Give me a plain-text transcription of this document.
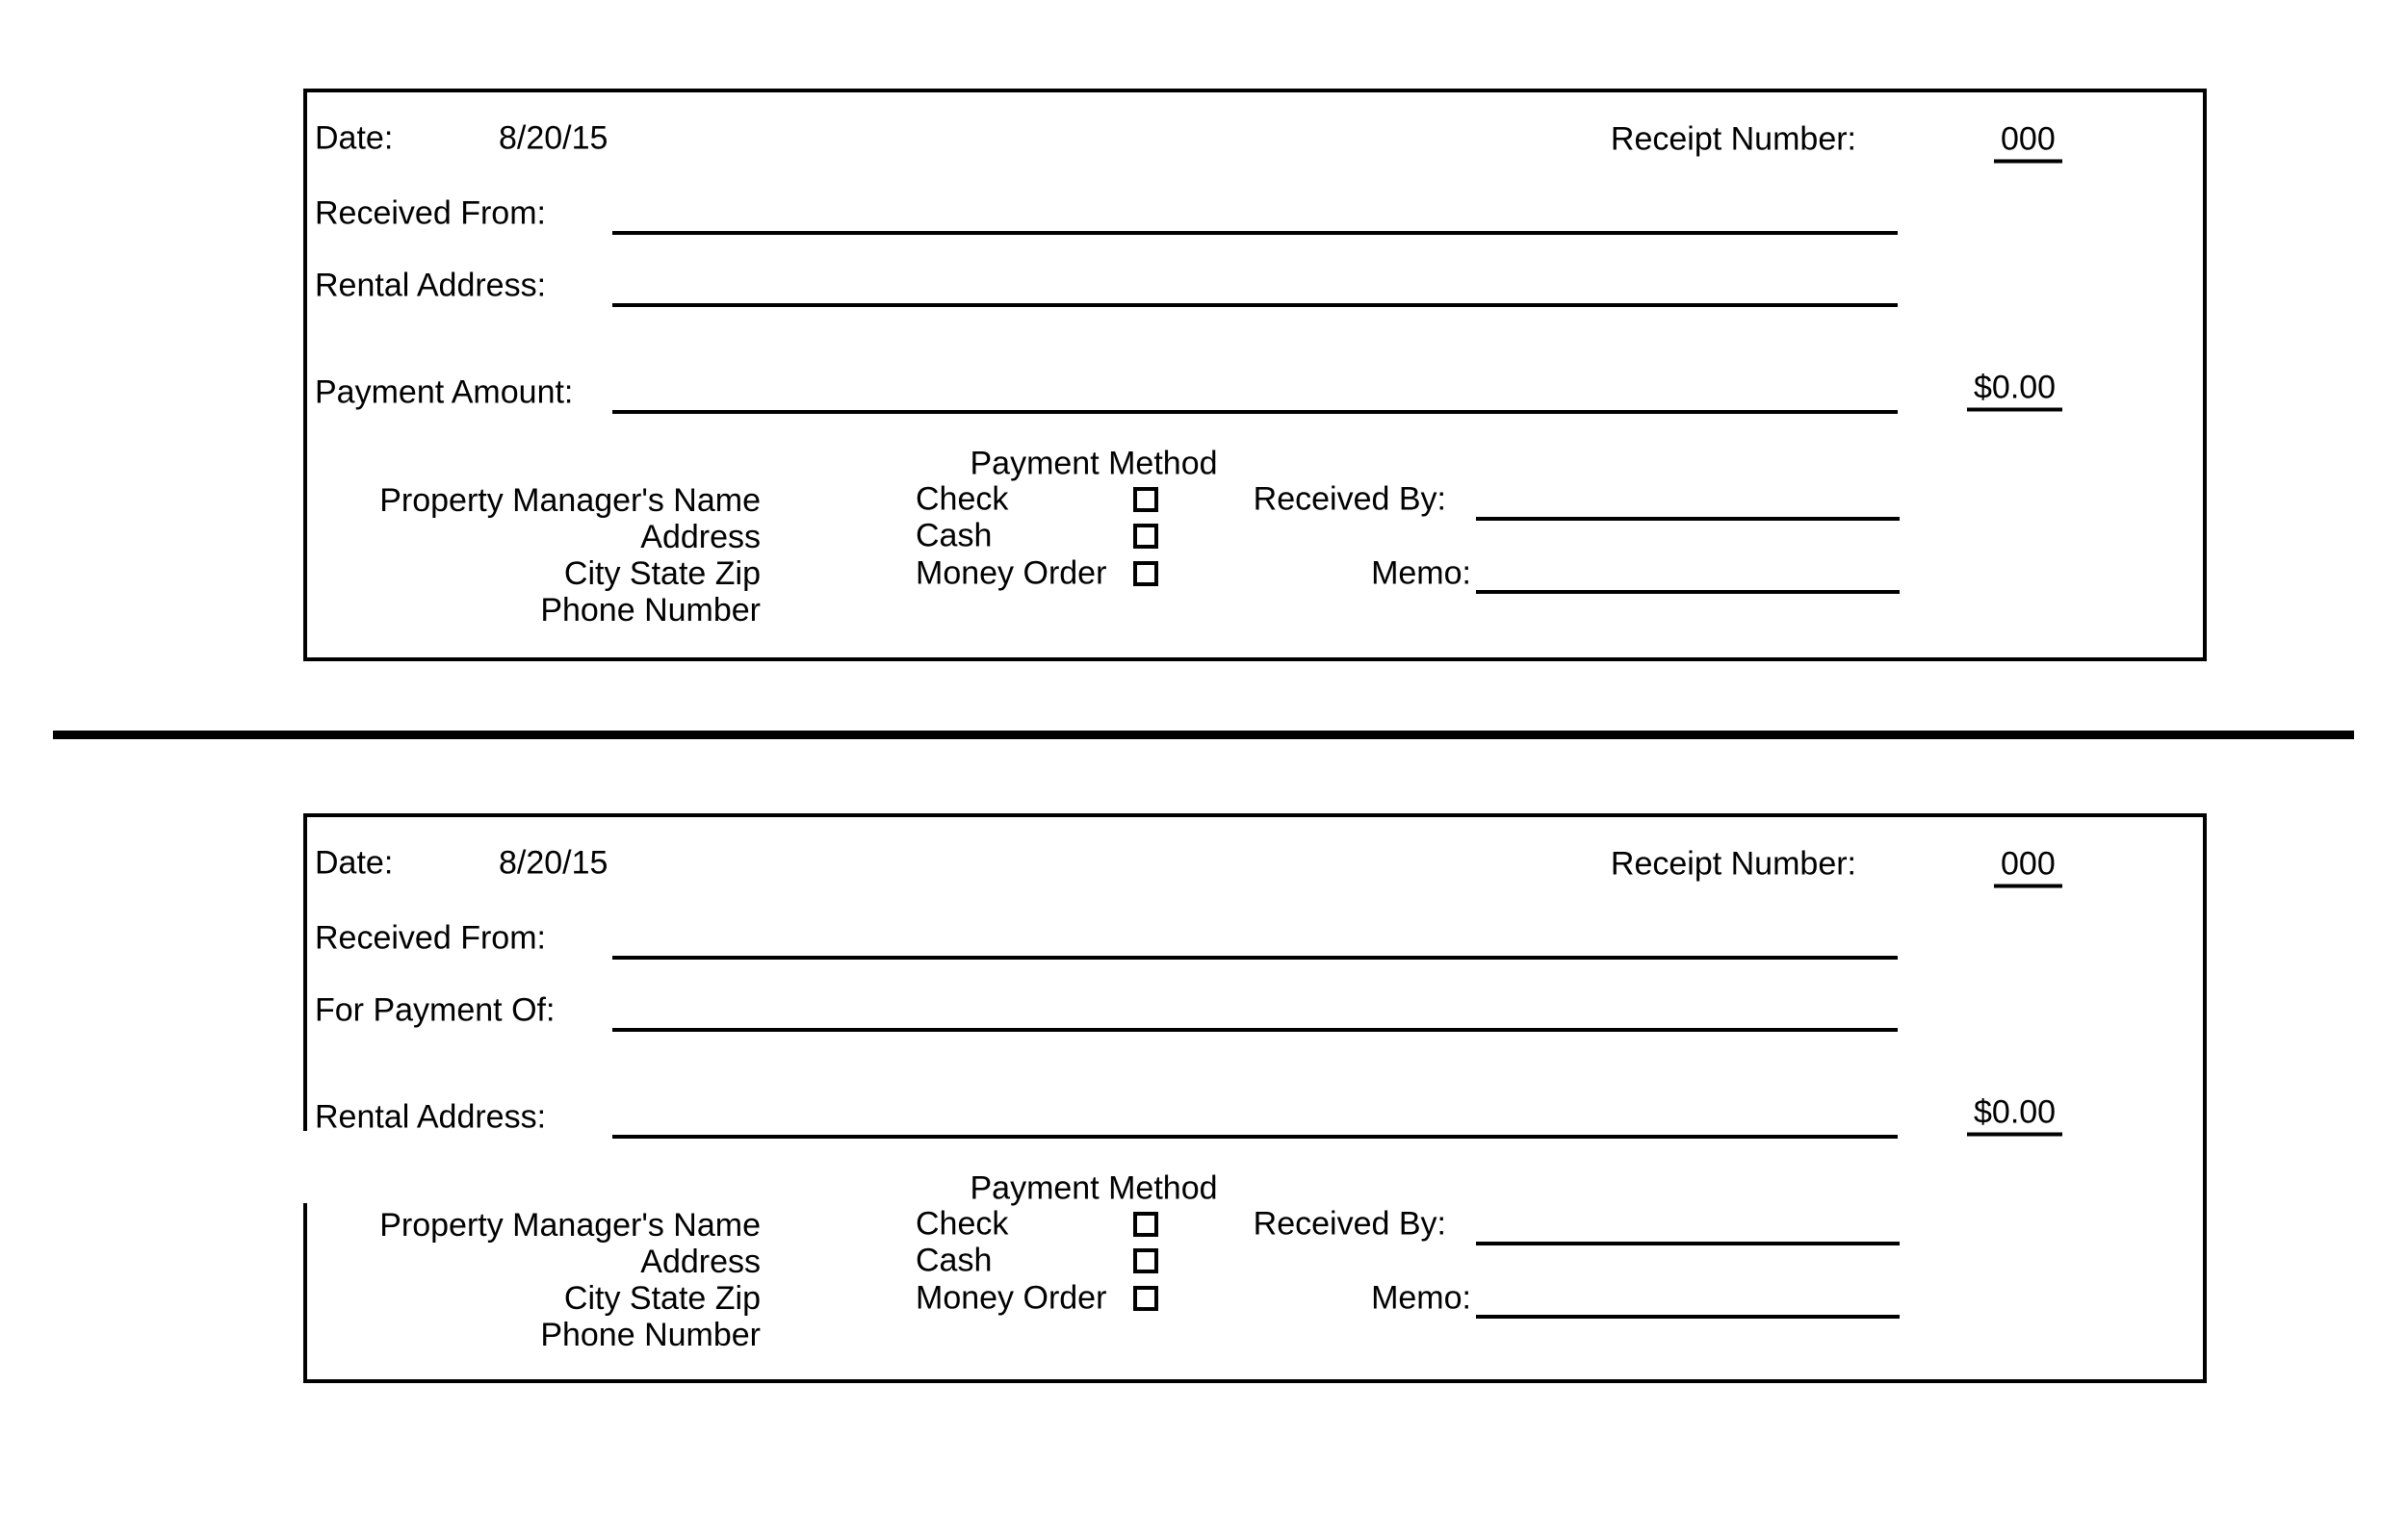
Date:	8/20/15	Receipt Number:	000
Received From:
Rental Address:
Payment Amount:	$0.00
Payment Method
Check
Cash
Money Order
Property Manager's Name
Address
City State Zip
Phone Number
Received By:
Memo:
Date:	8/20/15	Receipt Number:	000
Received From:
For Payment Of:
Rental Address:	$0.00
Payment Method
Check
Cash
Money Order
Property Manager's Name
Address
City State Zip
Phone Number
Received By:
Memo:
